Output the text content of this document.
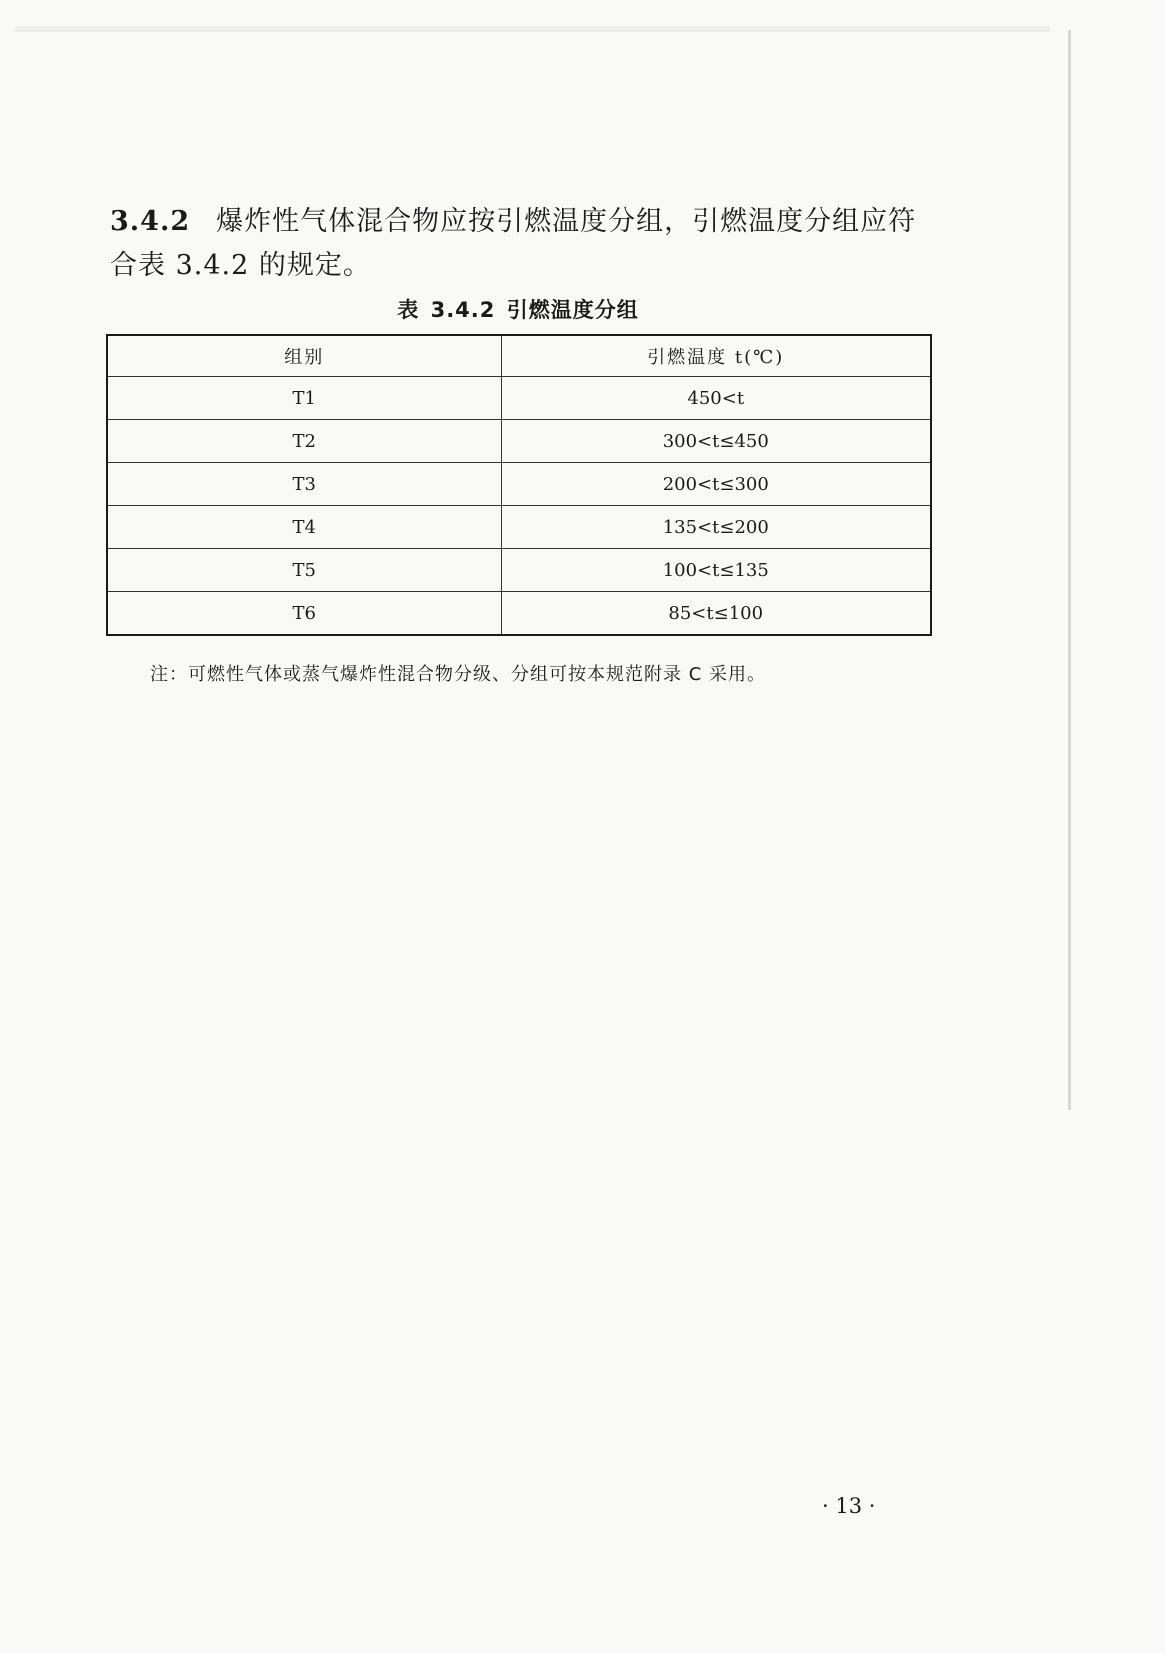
3.4.2 爆炸性气体混合物应按引燃温度分组，引燃温度分组应符合表 3.4.2 的规定。

表 3.4.2 引燃温度分组

组别	引燃温度 t(℃)
T1	450<t
T2	300<t≤450
T3	200<t≤300
T4	135<t≤200
T5	100<t≤135
T6	85<t≤100

注：可燃性气体或蒸气爆炸性混合物分级、分组可按本规范附录 C 采用。

· 13 ·
